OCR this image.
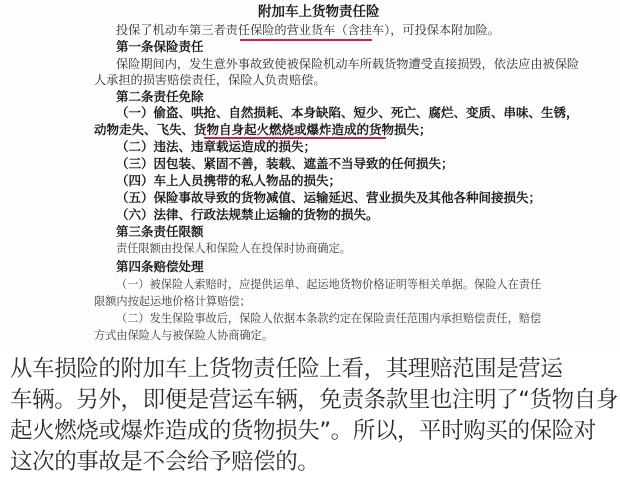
附加车上货物责任险
投保了机动车第三者责任保险的营业货车（含挂车），可投保本附加险。
第一条保险责任
保险期间内，发生意外事故致使被保险机动车所载货物遭受直接损毁，依法应由被保险
人承担的损害赔偿责任，保险人负责赔偿。
第二条责任免除
（一）偷盗、哄抢、自然损耗、本身缺陷、短少、死亡、腐烂、变质、串味、生锈，
动物走失、飞失、货物自身起火燃烧或爆炸造成的货物损失；
（二）违法、违章载运造成的损失；
（三）因包装、紧固不善，装载、遮盖不当导致的任何损失；
（四）车上人员携带的私人物品的损失；
（五）保险事故导致的货物减值、运输延迟、营业损失及其他各种间接损失；
（六）法律、行政法规禁止运输的货物的损失。
第三条责任限额
责任限额由投保人和保险人在投保时协商确定。
第四条赔偿处理
（一）被保险人索赔时，应提供运单、起运地货物价格证明等相关单据。保险人在责任
限额内按起运地价格计算赔偿；
（二）发生保险事故后，保险人依据本条款约定在保险责任范围内承担赔偿责任，赔偿
从车损险的附加车上货物责任险上看，其理赔范围是营运
车辆。另外，即便是营运车辆，免责条款里也注明了“货物自身
起火燃烧或爆炸造成的货物损失”。所以，平时购买的保险对
这次的事故是不会给予赔偿的。
方式由保险人与被保险人协商确定。
